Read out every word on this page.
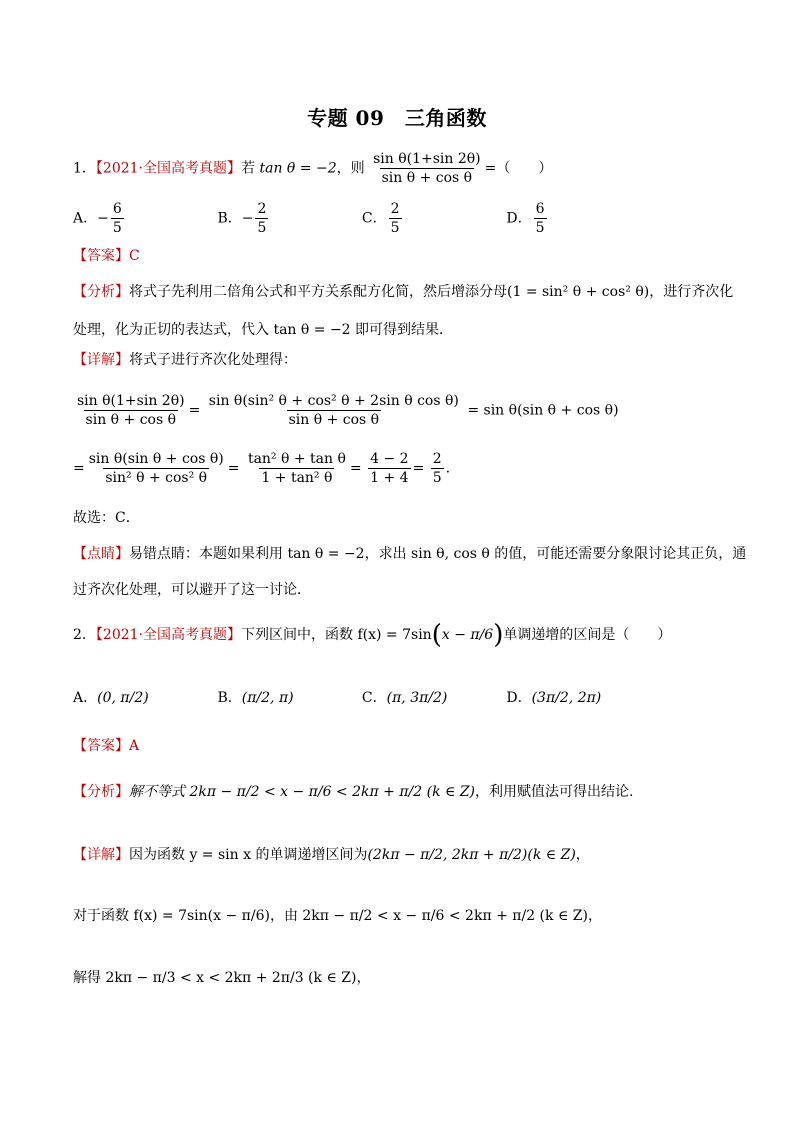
专题 09　三角函数
1．【2021·全国高考真题】若 tan θ = −2，则 $\frac{\text{sin θ(1+sin 2θ)}}{\text{sin θ + cos θ}}$ =（　　）
A．− $\frac{6}{5}$	B．− $\frac{2}{5}$	C． $\frac{2}{5}$	D． $\frac{6}{5}$
【答案】C
【分析】将式子先利用二倍角公式和平方关系配方化简，然后增添分母(1 = sin² θ + cos² θ)，进行齐次化
处理，化为正切的表达式，代入 tan θ = −2 即可得到结果．
【详解】将式子进行齐次化处理得：
$\frac{\text{sin θ(1+sin 2θ)}}{\text{sin θ + cos θ}} = \frac{\text{sin θ(sin² θ + cos² θ + 2sin θ cos θ)}}{\text{sin θ + cos θ}} = \sin \theta(\sin$ θ + cos θ)
= $\frac{\text{sin θ(sin θ + cos θ)}}{\text{sin² θ + cos² θ}} = \frac{\text{tan² θ + tan θ}}{\text{1 + tan² θ}} = \frac{4 - 2}{1 + 4} = \frac{2}{5}$ .
故选：C．
【点睛】易错点睛：本题如果利用 tan θ = −2，求出 sin θ, cos θ 的值，可能还需要分象限讨论其正负，通
过齐次化处理，可以避开了这一讨论．
2．【2021·全国高考真题】下列区间中，函数 f(x) = 7sin(x − π/6)单调递增的区间是（　　）
A．(0, π/2)	B．(π/2, π)	C．(π, 3π/2)	D．(3π/2, 2π)
【答案】A
【分析】解不等式 2kπ − π/2 < x − π/6 < 2kπ + π/2 (k ∈ Z)，利用赋值法可得出结论.
【详解】因为函数 y = sin x 的单调递增区间为(2kπ − π/2, 2kπ + π/2)(k ∈ Z)，
对于函数 f(x) = 7sin(x − π/6)，由 2kπ − π/2 < x − π/6 < 2kπ + π/2 (k ∈ Z)，
解得 2kπ − π/3 < x < 2kπ + 2π/3 (k ∈ Z)，
